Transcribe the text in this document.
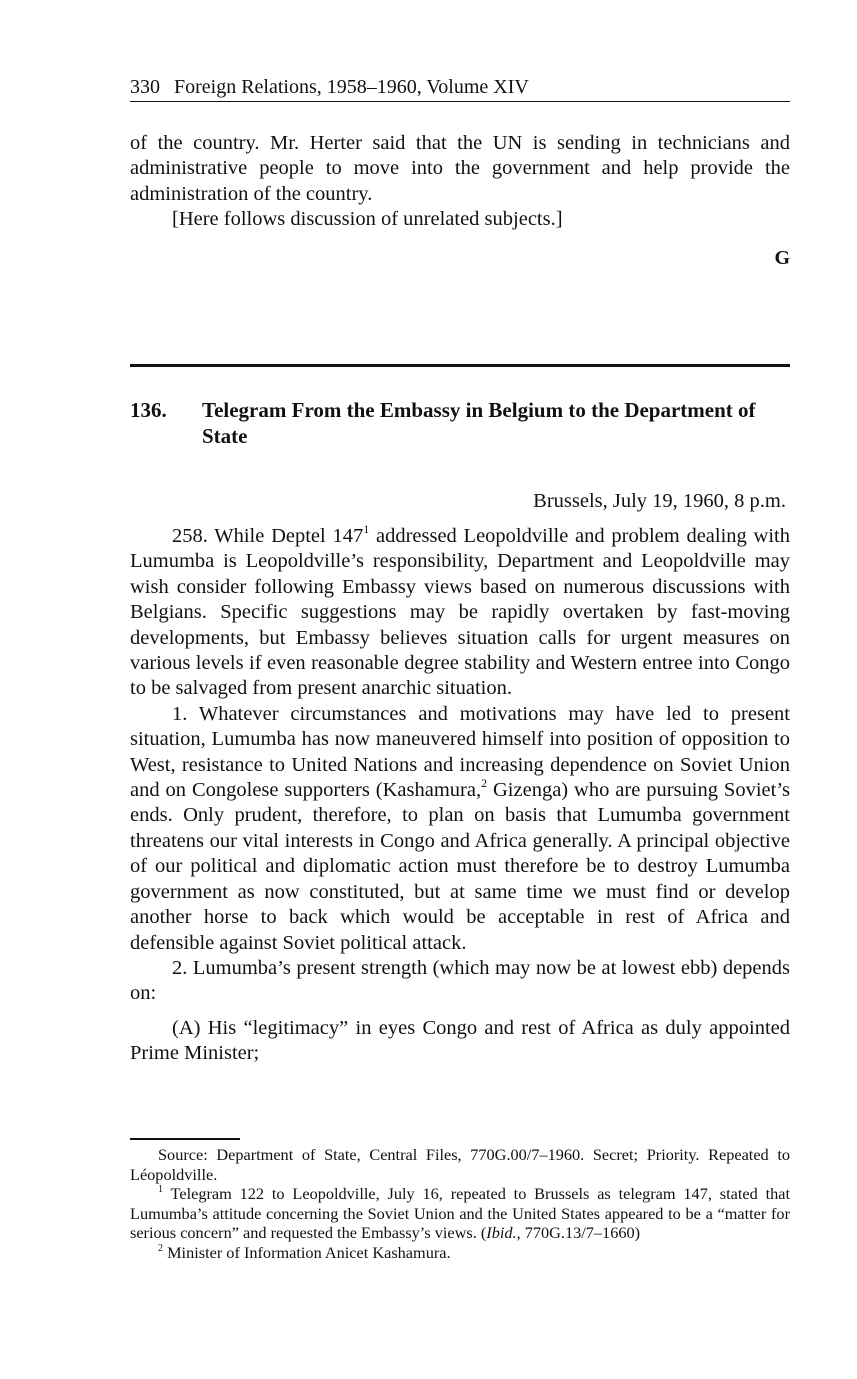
330 Foreign Relations, 1958–1960, Volume XIV

of the country. Mr. Herter said that the UN is sending in technicians and administrative people to move into the government and help provide the administration of the country.

[Here follows discussion of unrelated subjects.]

G
136. Telegram From the Embassy in Belgium to the Department of State
Brussels, July 19, 1960, 8 p.m.

258. While Deptel $147^1$ addressed Leopoldville and problem dealing with Lumumba is Leopoldville’s responsibility, Department and Leopoldville may wish consider following Embassy views based on numerous discussions with Belgians. Specific suggestions may be rapidly overtaken by fast-moving developments, but Embassy believes situation calls for urgent measures on various levels if even reasonable degree stability and Western entree into Congo to be salvaged from present anarchic situation.

1. Whatever circumstances and motivations may have led to present situation, Lumumba has now maneuvered himself into position of opposition to West, resistance to United Nations and increasing dependence on Soviet Union and on Congolese supporters (Kashamura,$^2$ Gizenga) who are pursuing Soviet’s ends. Only prudent, therefore, to plan on basis that Lumumba government threatens our vital interests in Congo and Africa generally. A principal objective of our political and diplomatic action must therefore be to destroy Lumumba government as now constituted, but at same time we must find or develop another horse to back which would be acceptable in rest of Africa and defensible against Soviet political attack.

2. Lumumba’s present strength (which may now be at lowest ebb) depends on:

(A) His “legitimacy” in eyes Congo and rest of Africa as duly appointed Prime Minister;

Source: Department of State, Central Files, 770G.00/7–1960. Secret; Priority. Repeated to Léopoldville.

$^1$ Telegram 122 to Leopoldville, July 16, repeated to Brussels as telegram 147, stated that Lumumba’s attitude concerning the Soviet Union and the United States appeared to be a “matter for serious concern” and requested the Embassy’s views. (Ibid., 770G.13/7–1660)

$^2$ Minister of Information Anicet Kashamura.
